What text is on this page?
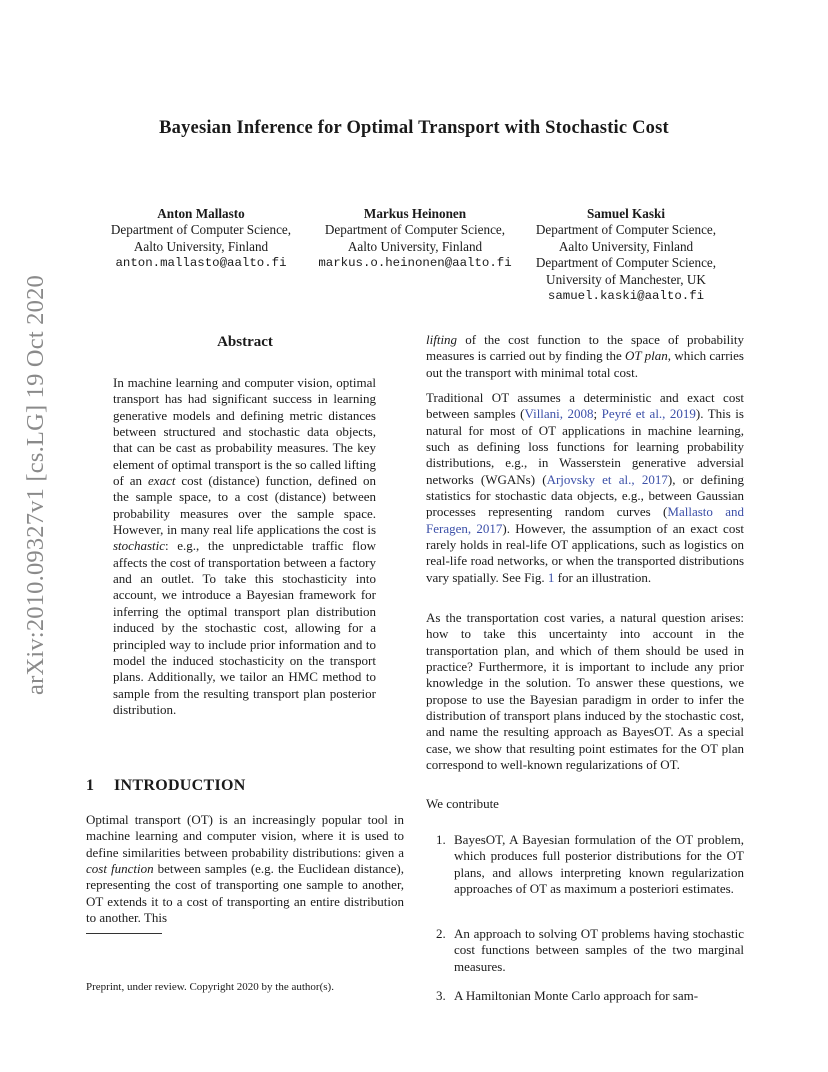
arXiv:2010.09327v1 [cs.LG] 19 Oct 2020
Bayesian Inference for Optimal Transport with Stochastic Cost
Anton Mallasto
Department of Computer Science,
Aalto University, Finland
anton.mallasto@aalto.fi
Markus Heinonen
Department of Computer Science,
Aalto University, Finland
markus.o.heinonen@aalto.fi
Samuel Kaski
Department of Computer Science,
Aalto University, Finland
Department of Computer Science,
University of Manchester, UK
samuel.kaski@aalto.fi
Abstract

In machine learning and computer vision, optimal transport has had significant success in learning generative models and defining metric distances between structured and stochastic data objects, that can be cast as probability measures. The key element of optimal transport is the so called lifting of an exact cost (distance) function, defined on the sample space, to a cost (distance) between probability measures over the sample space. However, in many real life applications the cost is stochastic: e.g., the unpredictable traffic flow affects the cost of transportation between a factory and an outlet. To take this stochasticity into account, we introduce a Bayesian framework for inferring the optimal transport plan distribution induced by the stochastic cost, allowing for a principled way to include prior information and to model the induced stochasticity on the transport plans. Additionally, we tailor an HMC method to sample from the resulting transport plan posterior distribution.

1 INTRODUCTION

Optimal transport (OT) is an increasingly popular tool in machine learning and computer vision, where it is used to define similarities between probability distributions: given a cost function between samples (e.g. the Euclidean distance), representing the cost of transporting one sample to another, OT extends it to a cost of transporting an entire distribution to another. This

Preprint, under review. Copyright 2020 by the author(s).

lifting of the cost function to the space of probability measures is carried out by finding the OT plan, which carries out the transport with minimal total cost.

Traditional OT assumes a deterministic and exact cost between samples (Villani, 2008; Peyré et al., 2019). This is natural for most of OT applications in machine learning, such as defining loss functions for learning probability distributions, e.g., in Wasserstein generative adversial networks (WGANs) (Arjovsky et al., 2017), or defining statistics for stochastic data objects, e.g., between Gaussian processes representing random curves (Mallasto and Feragen, 2017). However, the assumption of an exact cost rarely holds in real-life OT applications, such as logistics on real-life road networks, or when the transported distributions vary spatially. See Fig. 1 for an illustration.

As the transportation cost varies, a natural question arises: how to take this uncertainty into account in the transportation plan, and which of them should be used in practice? Furthermore, it is important to include any prior knowledge in the solution. To answer these questions, we propose to use the Bayesian paradigm in order to infer the distribution of transport plans induced by the stochastic cost, and name the resulting approach as BayesOT. As a special case, we show that resulting point estimates for the OT plan correspond to well-known regularizations of OT.

We contribute

1. BayesOT, A Bayesian formulation of the OT problem, which produces full posterior distributions for the OT plans, and allows interpreting known regularization approaches of OT as maximum a posteriori estimates.

2. An approach to solving OT problems having stochastic cost functions between samples of the two marginal measures.

3. A Hamiltonian Monte Carlo approach for sam-
